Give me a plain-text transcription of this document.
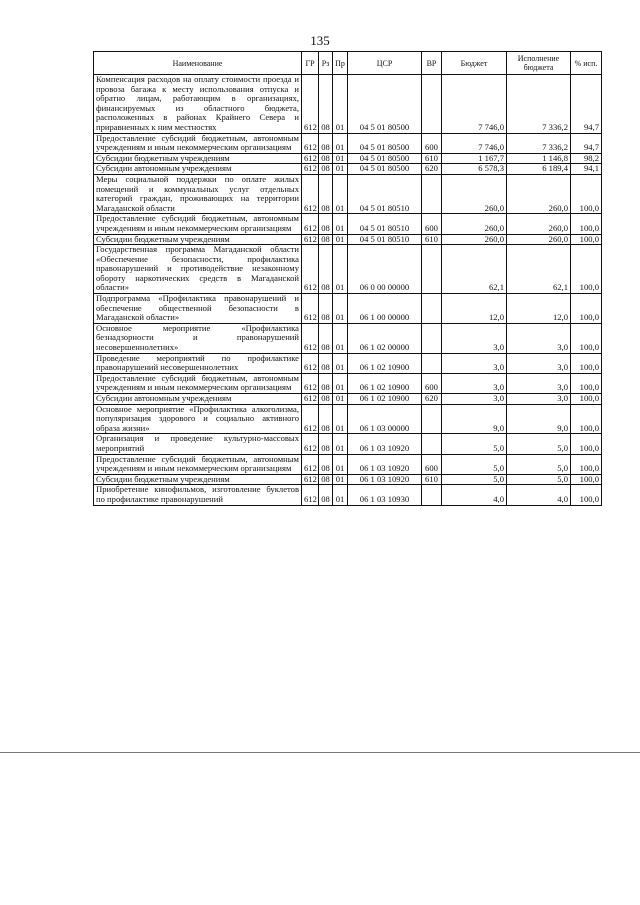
135
Наименование	ГР	Рз	Пр	ЦСР	ВР	Бюджет	Исполнение бюджета	% исп.
Компенсация расходов на оплату стоимости проезда и провоза багажа к месту использования отпуска и обратно лицам, работающим в организациях, финансируемых из областного бюджета, расположенных в районах Крайнего Севера и приравненных к ним местностях	612	08	01	04 5 01 80500		7 746,0	7 336,2	94,7
Предоставление субсидий бюджетным, автономным учреждениям и иным некоммерческим организациям	612	08	01	04 5 01 80500	600	7 746,0	7 336,2	94,7
Субсидии бюджетным учреждениям	612	08	01	04 5 01 80500	610	1 167,7	1 146,8	98,2
Субсидии автономным учреждениям	612	08	01	04 5 01 80500	620	6 578,3	6 189,4	94,1
Меры социальной поддержки по оплате жилых помещений и коммунальных услуг отдельных категорий граждан, проживающих на территории Магаданской области	612	08	01	04 5 01 80510		260,0	260,0	100,0
Предоставление субсидий бюджетным, автономным учреждениям и иным некоммерческим организациям	612	08	01	04 5 01 80510	600	260,0	260,0	100,0
Субсидии бюджетным учреждениям	612	08	01	04 5 01 80510	610	260,0	260,0	100,0
Государственная программа Магаданской области «Обеспечение безопасности, профилактика правонарушений и противодействие незаконному обороту наркотических средств в Магаданской области»	612	08	01	06 0 00 00000		62,1	62,1	100,0
Подпрограмма «Профилактика правонарушений и обеспечение общественной безопасности в Магаданской области»	612	08	01	06 1 00 00000		12,0	12,0	100,0
Основное мероприятие «Профилактика безнадзорности и правонарушений несовершеннолетних»	612	08	01	06 1 02 00000		3,0	3,0	100,0
Проведение мероприятий по профилактике правонарушений несовершеннолетних	612	08	01	06 1 02 10900		3,0	3,0	100,0
Предоставление субсидий бюджетным, автономным учреждениям и иным некоммерческим организациям	612	08	01	06 1 02 10900	600	3,0	3,0	100,0
Субсидии автономным учреждениям	612	08	01	06 1 02 10900	620	3,0	3,0	100,0
Основное мероприятие «Профилактика алкоголизма, популяризация здорового и социально активного образа жизни»	612	08	01	06 1 03 00000		9,0	9,0	100,0
Организация и проведение культурно-массовых мероприятий	612	08	01	06 1 03 10920		5,0	5,0	100,0
Предоставление субсидий бюджетным, автономным учреждениям и иным некоммерческим организациям	612	08	01	06 1 03 10920	600	5,0	5,0	100,0
Субсидии бюджетным учреждениям	612	08	01	06 1 03 10920	610	5,0	5,0	100,0
Приобретение кинофильмов, изготовление буклетов по профилактике правонарушений	612	08	01	06 1 03 10930		4,0	4,0	100,0
